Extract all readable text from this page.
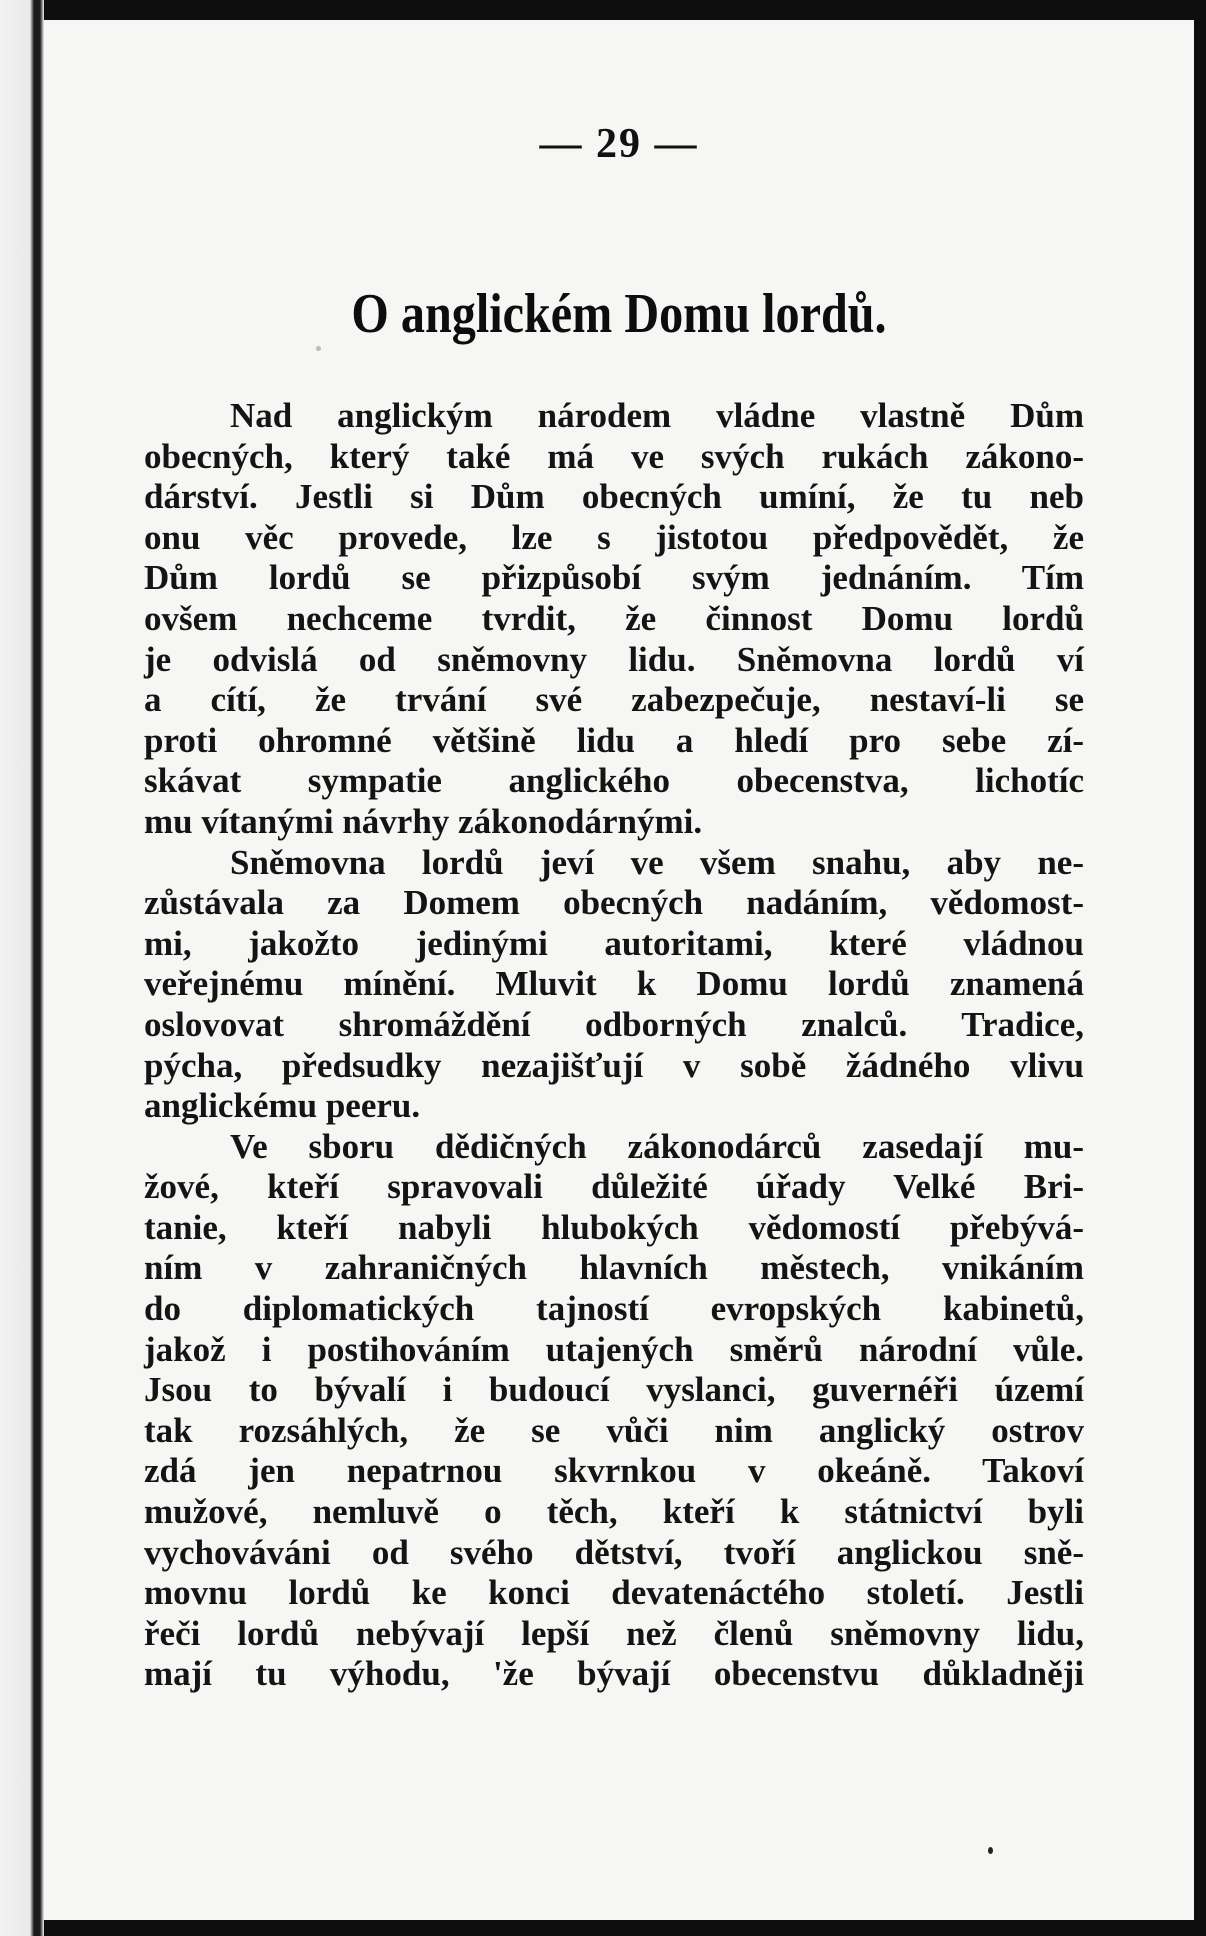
— 29 —
O anglickém Domu lordů.
Nad anglickým národem vládne vlastně Dům
obecných, který také má ve svých rukách zákono-
dárství. Jestli si Dům obecných umíní, že tu neb
onu věc provede, lze s jistotou předpovědět, že
Dům lordů se přizpůsobí svým jednáním. Tím
ovšem nechceme tvrdit, že činnost Domu lordů
je odvislá od sněmovny lidu. Sněmovna lordů ví
a cítí, že trvání své zabezpečuje, nestaví-li se
proti ohromné většině lidu a hledí pro sebe zí-
skávat sympatie anglického obecenstva, lichotíc
mu vítanými návrhy zákonodárnými.
Sněmovna lordů jeví ve všem snahu, aby ne-
zůstávala za Domem obecných nadáním, vědomost-
mi, jakožto jedinými autoritami, které vládnou
veřejnému mínění. Mluvit k Domu lordů znamená
oslovovat shromáždění odborných znalců. Tradice,
pýcha, předsudky nezajišťují v sobě žádného vlivu
anglickému peeru.
Ve sboru dědičných zákonodárců zasedají mu-
žové, kteří spravovali důležité úřady Velké Bri-
tanie, kteří nabyli hlubokých vědomostí přebývá-
ním v zahraničných hlavních městech, vnikáním
do diplomatických tajností evropských kabinetů,
jakož i postihováním utajených směrů národní vůle.
Jsou to bývalí i budoucí vyslanci, guvernéři území
tak rozsáhlých, že se vůči nim anglický ostrov
zdá jen nepatrnou skvrnkou v okeáně. Takoví
mužové, nemluvě o těch, kteří k státnictví byli
vychováváni od svého dětství, tvoří anglickou sně-
movnu lordů ke konci devatenáctého století. Jestli
řeči lordů nebývají lepší než členů sněmovny lidu,
mají tu výhodu, 'že bývají obecenstvu důkladněji
